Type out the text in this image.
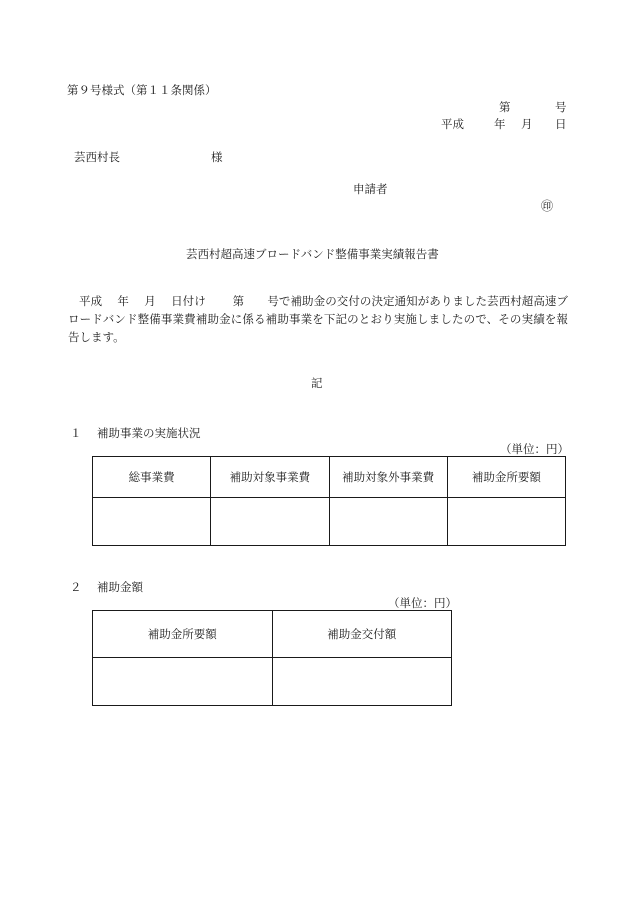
第９号様式（第１１条関係）
第	号
平成	年 月 日
芸西村長	様
申請者
㊞
芸西村超高速ブロードバンド整備事業実績報告書
平成　 年　 月　 日付け　　 第　　号で補助金の交付の決定通知がありました芸西村超高速ブロードバンド整備事業費補助金に係る補助事業を下記のとおり実施しましたので、その実績を報告します。
記
１ 補助事業の実施状況
（単位：円）
総事業費	補助対象事業費	補助対象外事業費	補助金所要額

２ 補助金額
（単位：円）
補助金所要額	補助金交付額
